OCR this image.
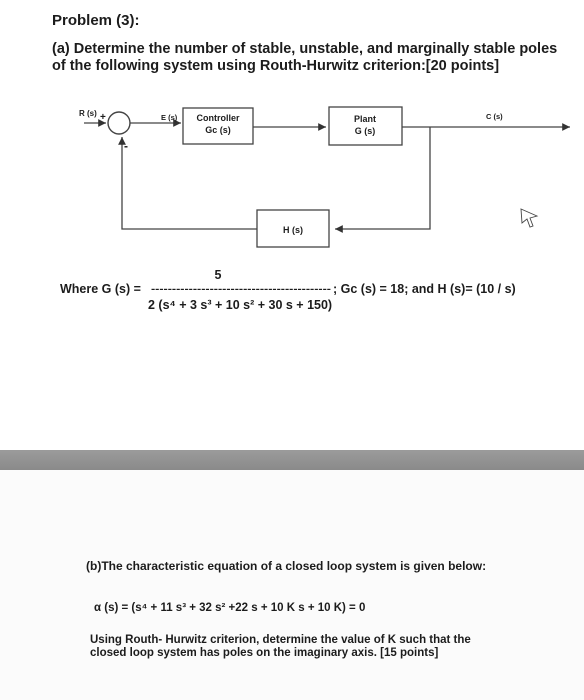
Problem (3):
(a) Determine the number of stable, unstable, and marginally stable poles
of the following system using Routh-Hurwitz criterion:[20 points]
R (s) +
-
E (s) Controller
Gc (s)
Plant
G (s)
C (s)
H (s)
5
Where G (s) = ------------------------------------------- ; Gc (s) = 18; and H (s)= (10 / s)
2 (s⁴ + 3 s³ + 10 s² + 30 s + 150)
(b)The characteristic equation of a closed loop system is given below:
α (s) = (s⁴ + 11 s³ + 32 s² +22 s + 10 K s + 10 K) = 0
Using Routh- Hurwitz criterion, determine the value of K such that the
closed loop system has poles on the imaginary axis. [15 points]
